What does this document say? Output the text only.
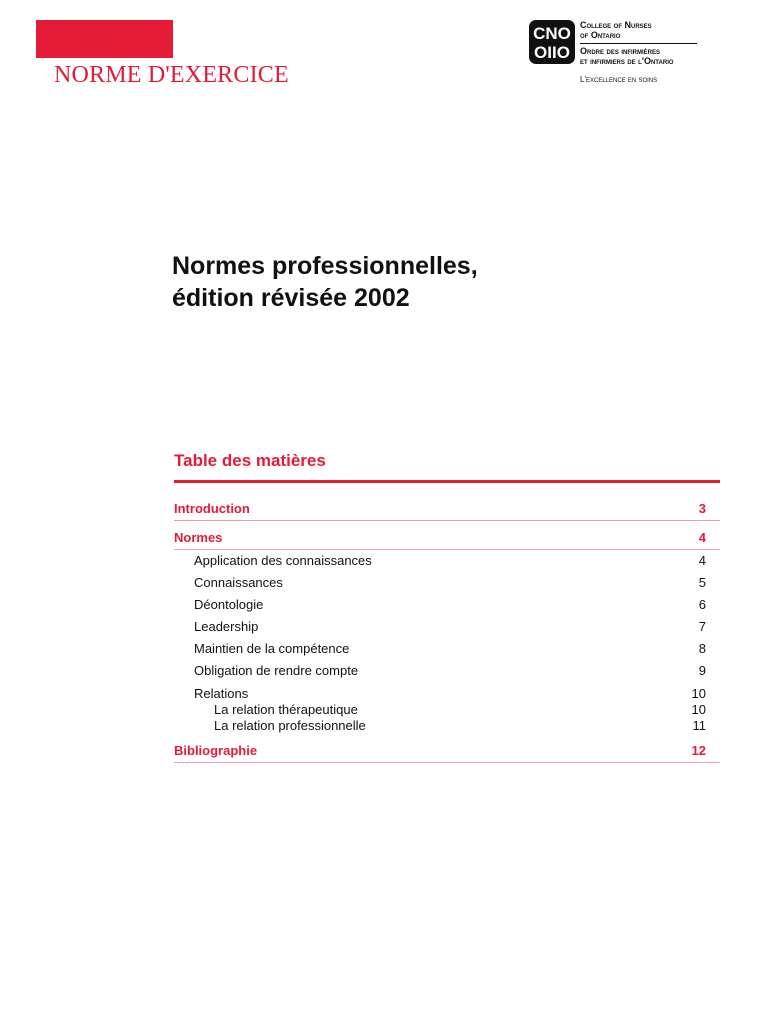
NORME D'EXERCICE
CNO
OIIO
College of Nurses
of Ontario
Ordre des infirmières
et infirmiers de l'Ontario
L'excellence en soins
Normes professionnelles,
édition révisée 2002
Table des matières
Introduction	3
Normes	4
Application des connaissances	4
Connaissances	5
Déontologie	6
Leadership	7
Maintien de la compétence	8
Obligation de rendre compte	9
Relations	10
La relation thérapeutique	10
La relation professionnelle	11
Bibliographie	12
